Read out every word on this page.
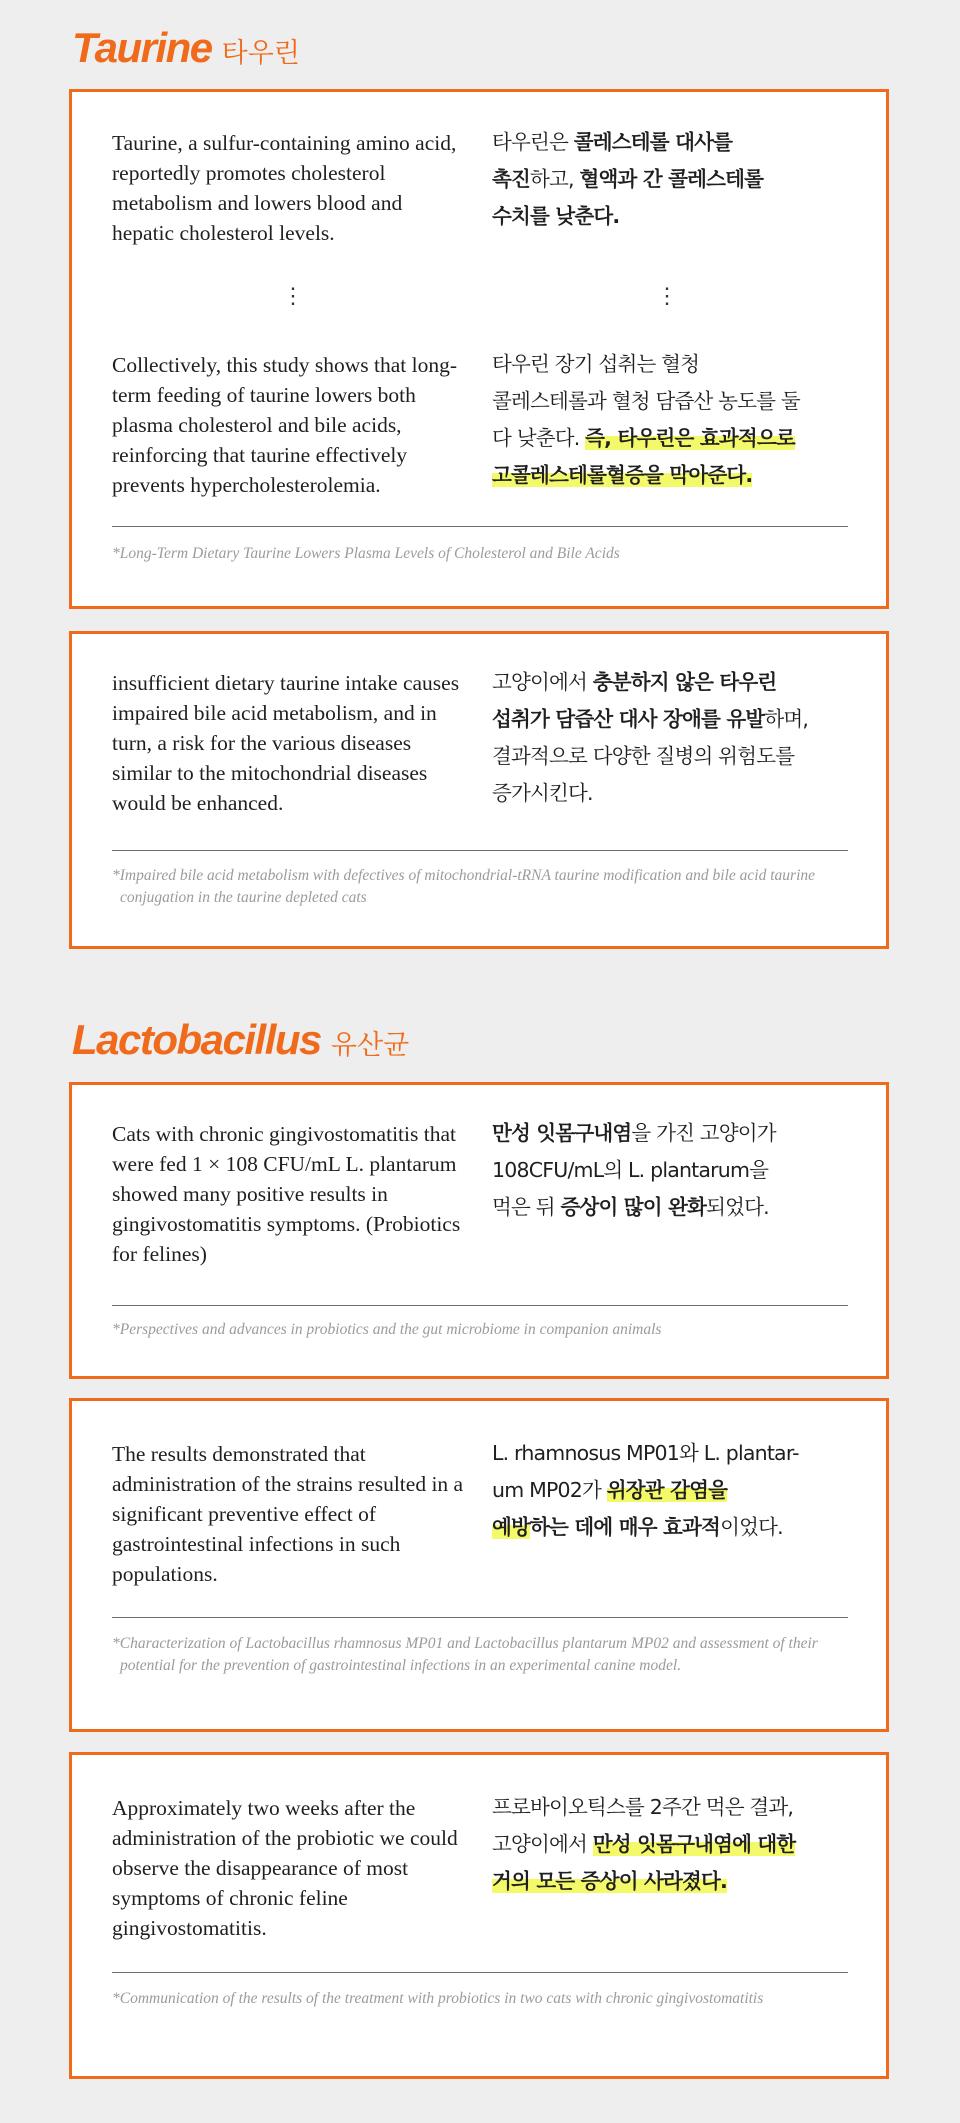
Taurine 타우린
Taurine, a sulfur-containing amino acid, reportedly promotes cholesterol metabolism and lowers blood and hepatic cholesterol levels.
타우린은 콜레스테롤 대사를
촉진하고, 혈액과 간 콜레스테롤
수치를 낮춘다.
⋮	⋮
Collectively, this study shows that long-term feeding of taurine lowers both plasma cholesterol and bile acids, reinforcing that taurine effectively prevents hypercholesterolemia.
타우린 장기 섭취는 혈청
콜레스테롤과 혈청 담즙산 농도를 둘
다 낮춘다. 즉, 타우린은 효과적으로
고콜레스테롤혈증을 막아준다.
*Long-Term Dietary Taurine Lowers Plasma Levels of Cholesterol and Bile Acids
insufficient dietary taurine intake causes impaired bile acid metabolism, and in turn, a risk for the various diseases similar to the mitochondrial diseases would be enhanced.
고양이에서 충분하지 않은 타우린
섭취가 담즙산 대사 장애를 유발하며,
결과적으로 다양한 질병의 위험도를
증가시킨다.
*Impaired bile acid metabolism with defectives of mitochondrial-tRNA taurine modification and bile acid taurine conjugation in the taurine depleted cats
Lactobacillus 유산균
Cats with chronic gingivostomatitis that were fed 1 × 108 CFU/mL L. plantarum showed many positive results in gingivostomatitis symptoms. (Probiotics for felines)
만성 잇몸구내염을 가진 고양이가
108CFU/mL의 L. plantarum을
먹은 뒤 증상이 많이 완화되었다.
*Perspectives and advances in probiotics and the gut microbiome in companion animals
The results demonstrated that administration of the strains resulted in a significant preventive effect of gastrointestinal infections in such populations.
L. rhamnosus MP01와 L. plantar-
um MP02가 위장관 감염을
예방하는 데에 매우 효과적이었다.
*Characterization of Lactobacillus rhamnosus MP01 and Lactobacillus plantarum MP02 and assessment of their potential for the prevention of gastrointestinal infections in an experimental canine model.
Approximately two weeks after the administration of the probiotic we could observe the disappearance of most symptoms of chronic feline gingivostomatitis.
프로바이오틱스를 2주간 먹은 결과,
고양이에서 만성 잇몸구내염에 대한
거의 모든 증상이 사라졌다.
*Communication of the results of the treatment with probiotics in two cats with chronic gingivostomatitis
